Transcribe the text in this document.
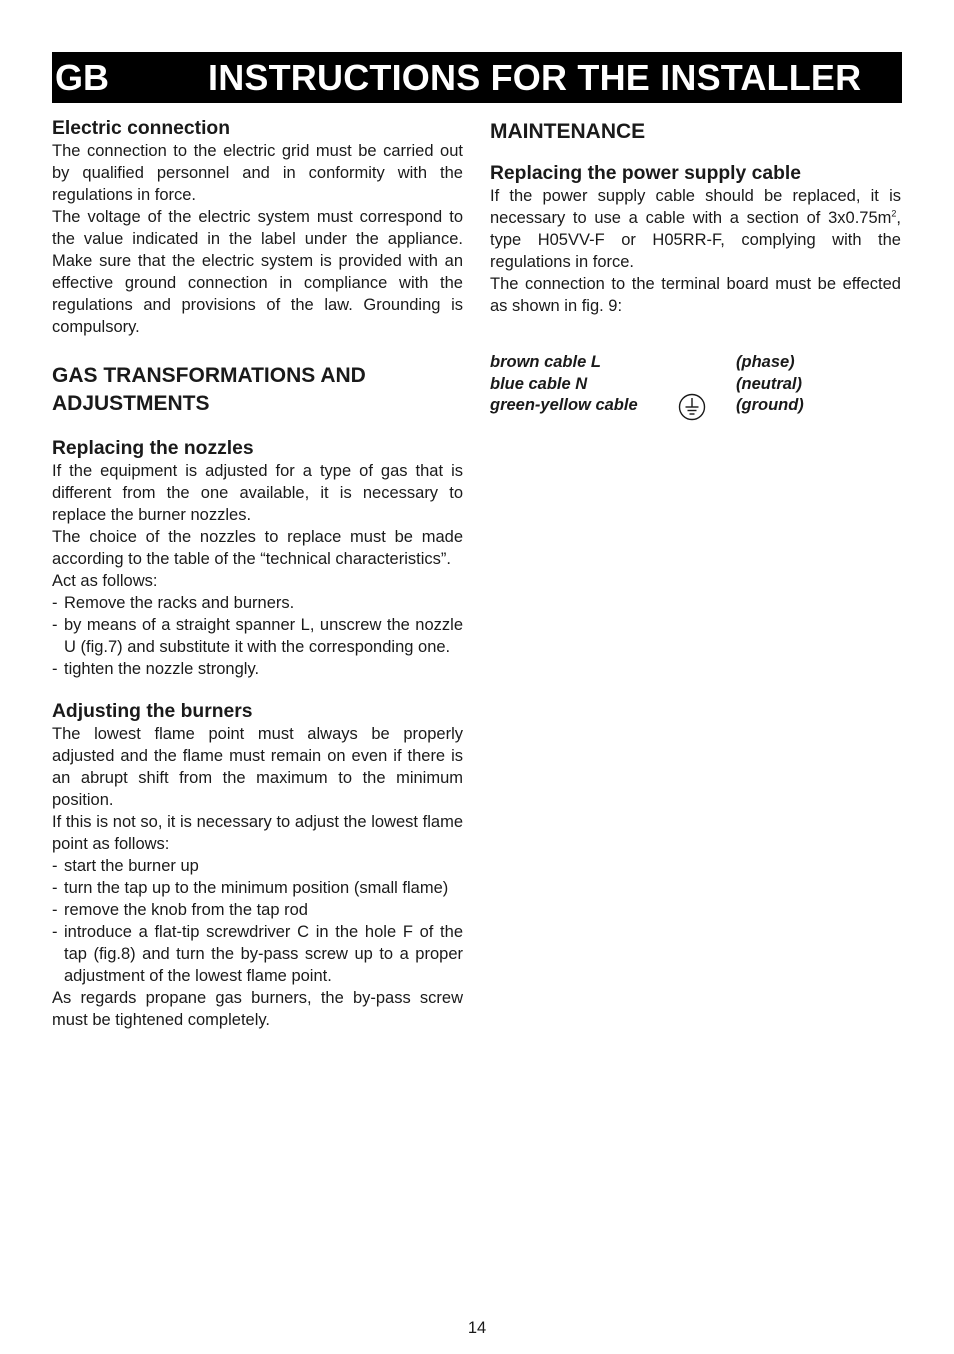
GB	INSTRUCTIONS FOR THE INSTALLER
Electric connection

The connection to the electric grid must be carried out by qualified personnel and in conformity with the regulations in force.

The voltage of the electric system must correspond to the value indicated in the label under the appliance. Make sure that the electric system is provided with an effective ground connection in compliance with the regulations and provisions of the law. Grounding is compulsory.

GAS TRANSFORMATIONS AND ADJUSTMENTS
Replacing the nozzles

If the equipment is adjusted for a type of gas that is different from the one available, it is necessary to replace the burner nozzles.

The choice of the nozzles to replace must be made according to the table of the “technical characteristics”.

Act as follows:

- Remove the racks and burners.
- by means of a straight spanner L, unscrew the nozzle U (fig.7) and substitute it with the corresponding one.
- tighten the nozzle strongly.
Adjusting the burners

The lowest flame point must always be properly adjusted and the flame must remain on even if there is an abrupt shift from the maximum to the minimum position.

If this is not so, it is necessary to adjust the lowest flame point as follows:

- start the burner up
- turn the tap up to the minimum position (small flame)
- remove the knob from the tap rod
- introduce a flat-tip screwdriver C in the hole F of the tap (fig.8) and turn the by-pass screw up to a proper adjustment of the lowest flame point.

As regards propane gas burners, the by-pass screw must be tightened completely.

MAINTENANCE
Replacing the power supply cable

If the power supply cable should be replaced, it is necessary to use a cable with a section of $3x0.75m^2$, type H05VV-F or H05RR-F, complying with the regulations in force.

The connection to the terminal board must be effected as shown in fig. 9:

brown cable L	(phase)
blue cable N	(neutral)
green-yellow cable	(ground)
14
